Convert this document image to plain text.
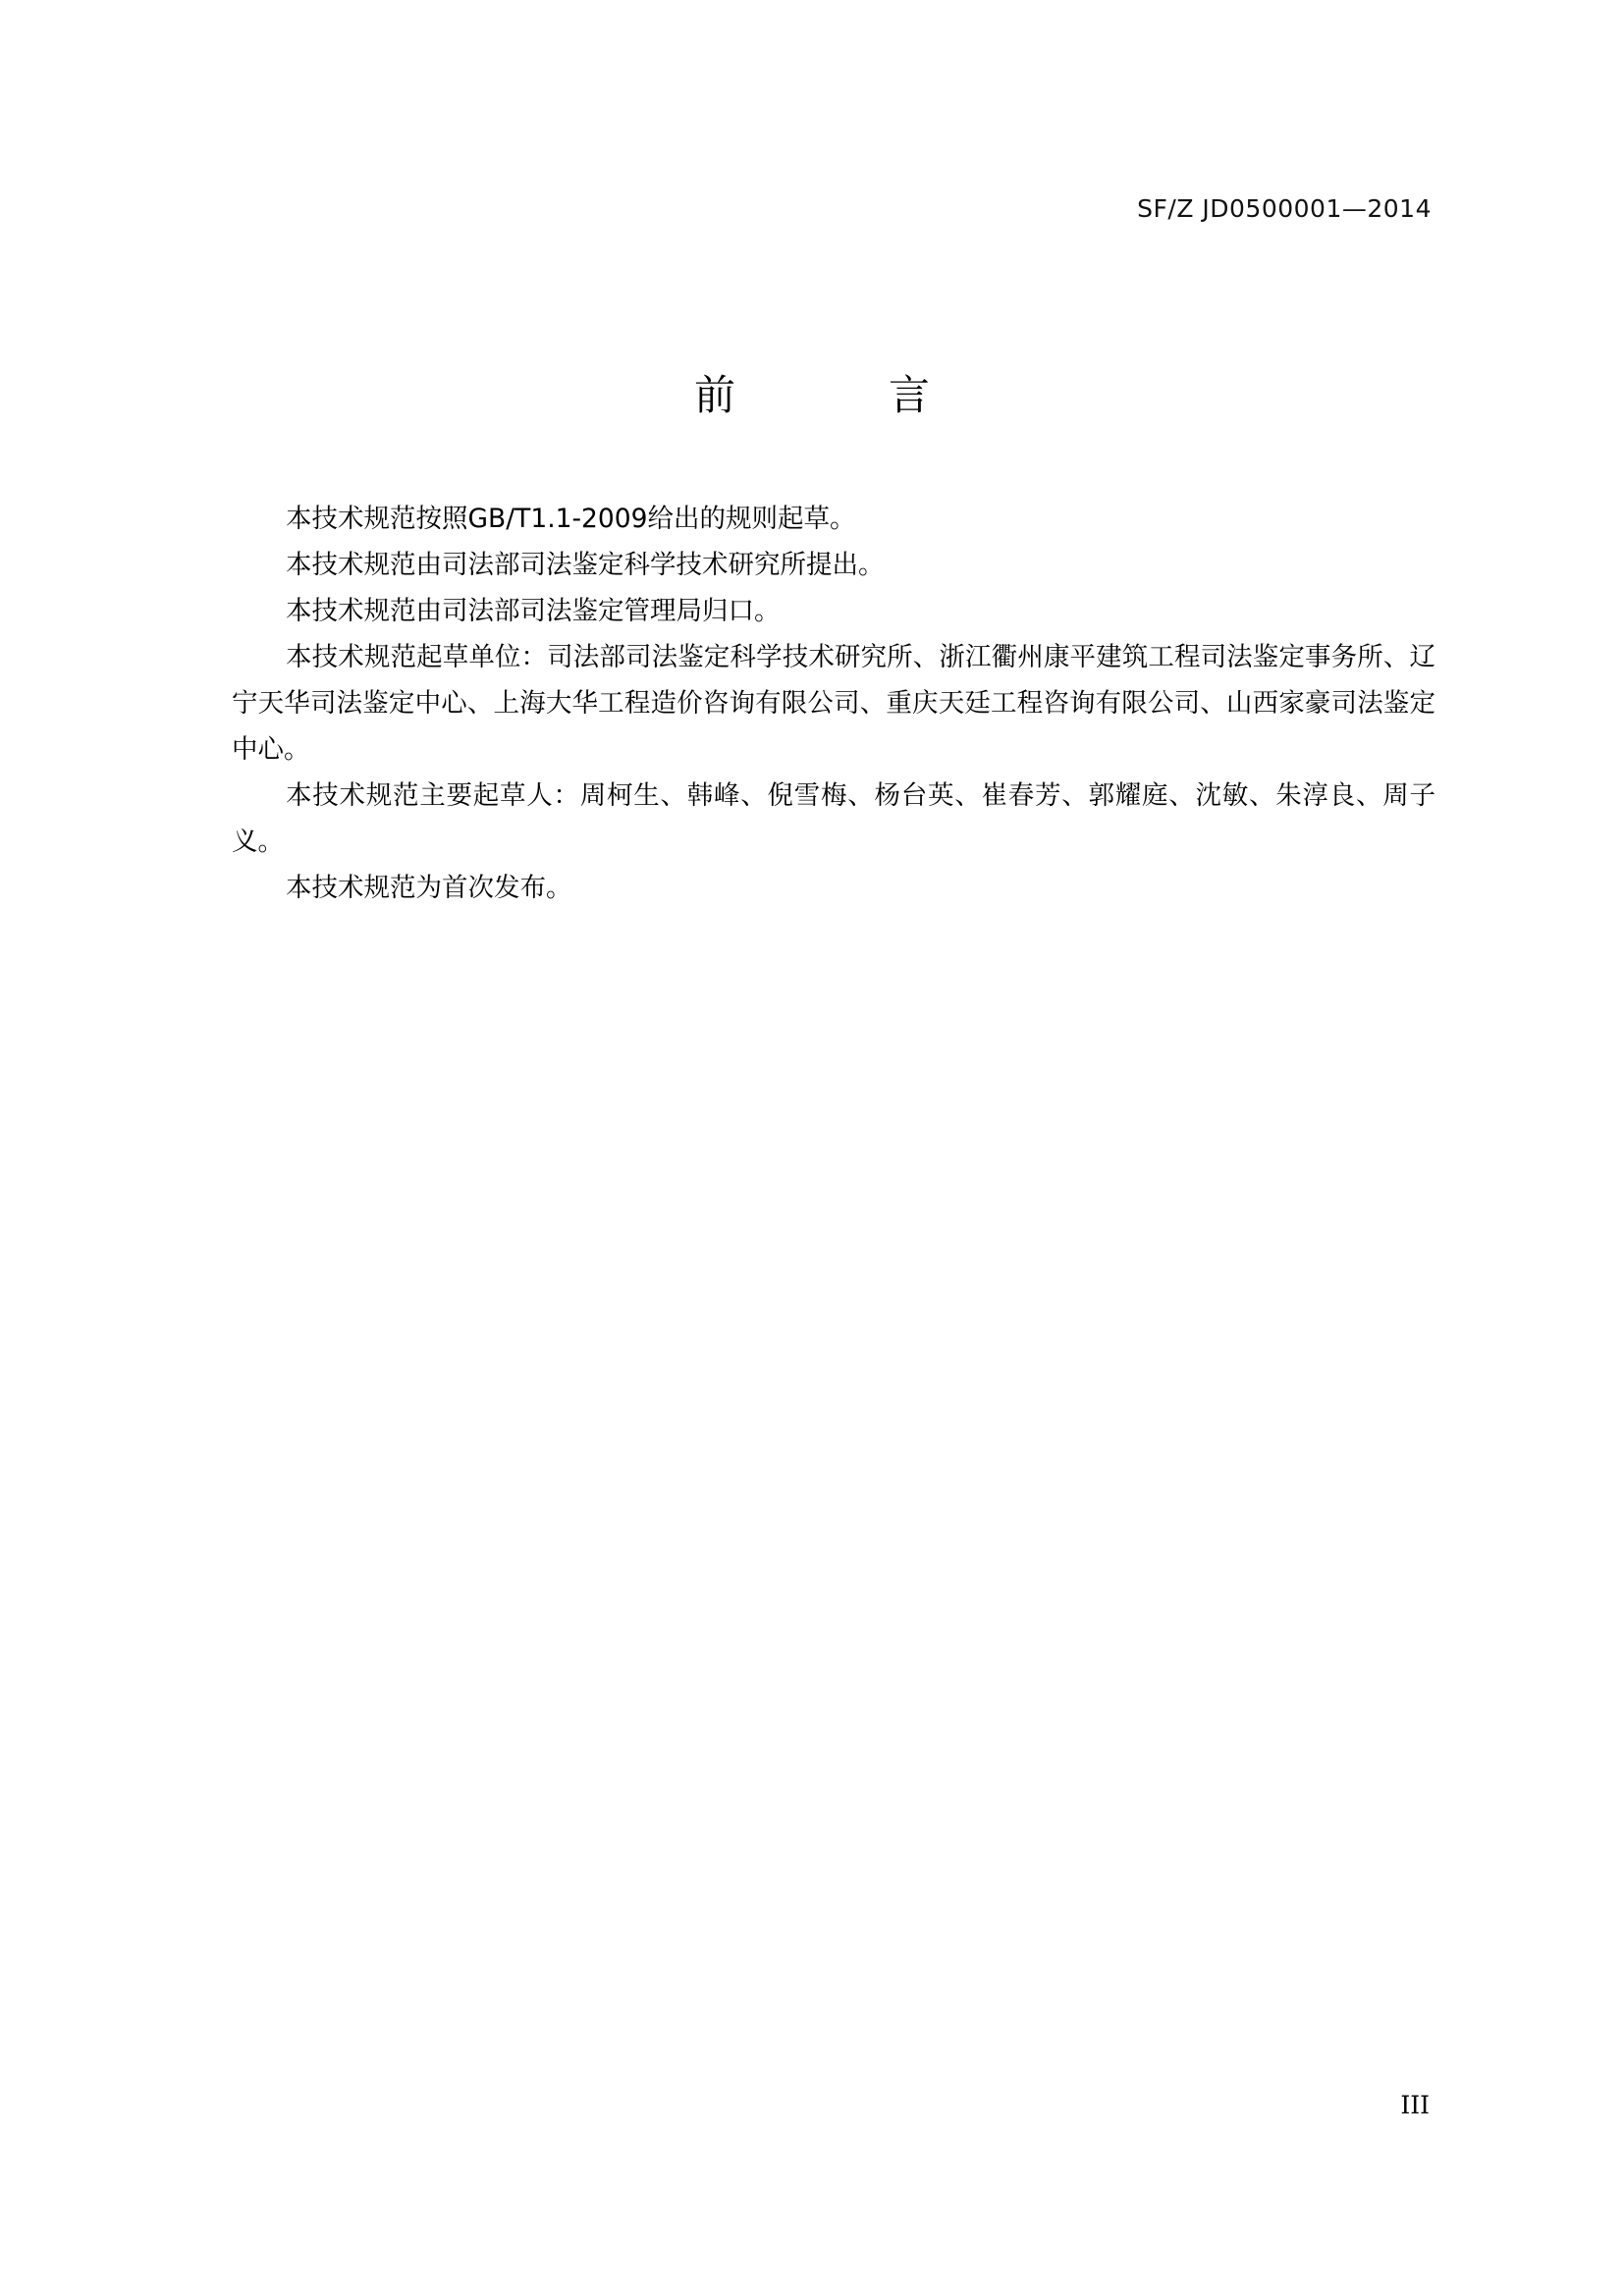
SF/Z JD0500001—2014
前　　言

本技术规范按照GB/T1.1-2009给出的规则起草。

本技术规范由司法部司法鉴定科学技术研究所提出。

本技术规范由司法部司法鉴定管理局归口。

本技术规范起草单位：司法部司法鉴定科学技术研究所、浙江衢州康平建筑工程司法鉴定事务所、辽宁天华司法鉴定中心、上海大华工程造价咨询有限公司、重庆天廷工程咨询有限公司、山西家豪司法鉴定中心。

本技术规范主要起草人：周柯生、韩峰、倪雪梅、杨台英、崔春芳、郭耀庭、沈敏、朱淳良、周子义。

本技术规范为首次发布。

III
